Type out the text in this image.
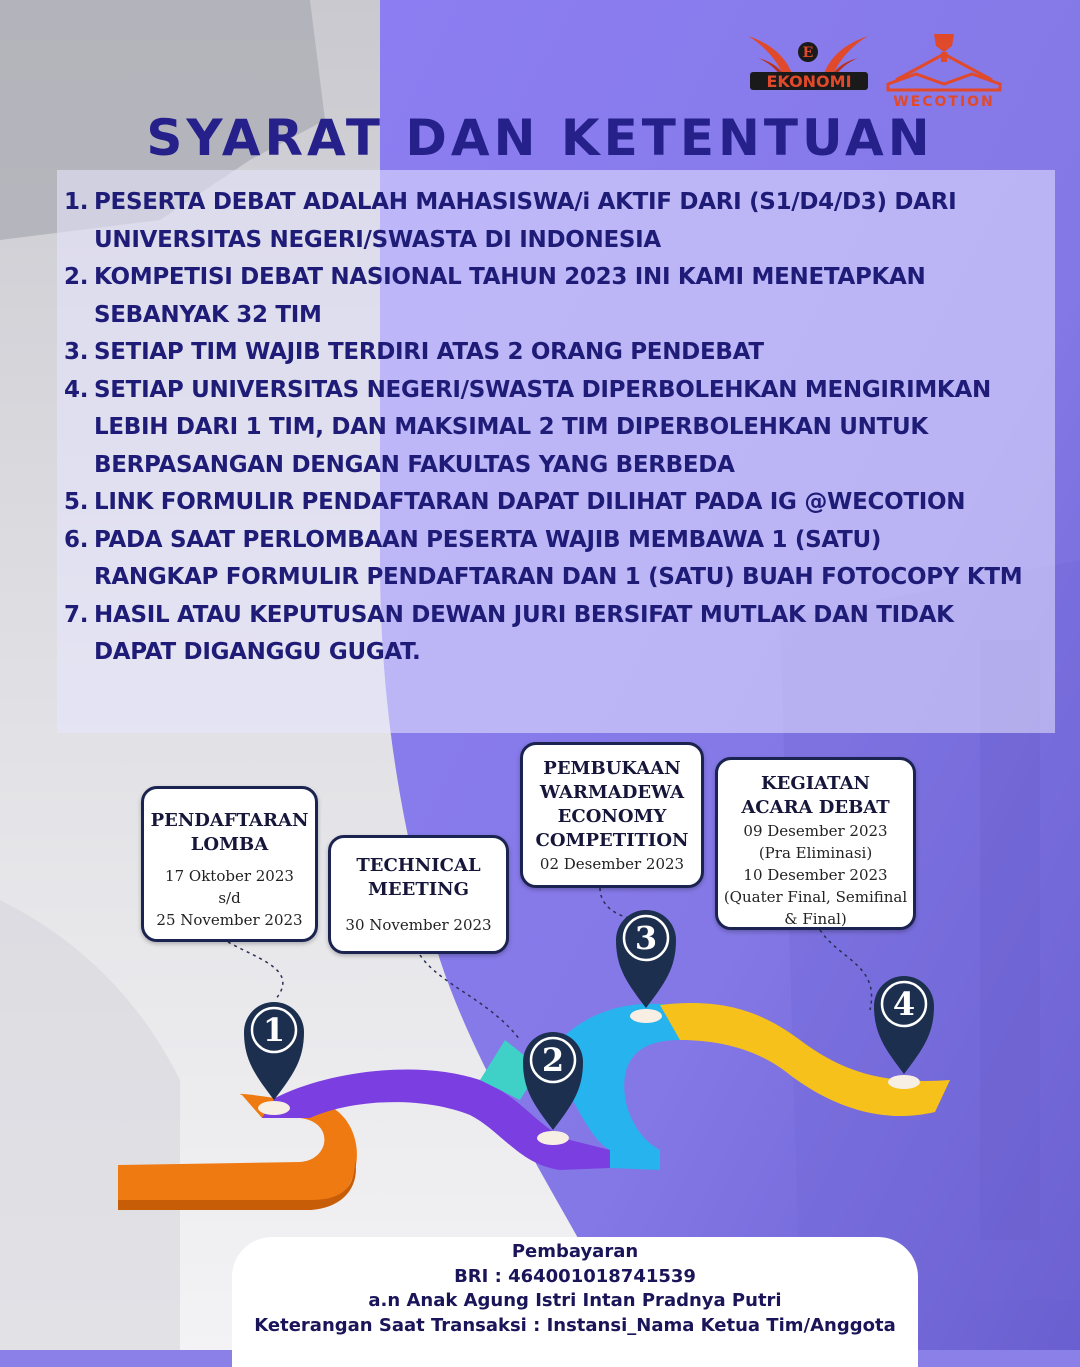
E
EKONOMI
WECOTION
SYARAT DAN KETENTUAN
1. PESERTA DEBAT ADALAH MAHASISWA/i AKTIF DARI (S1/D4/D3) DARI
UNIVERSITAS NEGERI/SWASTA DI INDONESIA
2. KOMPETISI DEBAT NASIONAL TAHUN 2023 INI KAMI MENETAPKAN
SEBANYAK 32 TIM
3. SETIAP TIM WAJIB TERDIRI ATAS 2 ORANG PENDEBAT
4. SETIAP UNIVERSITAS NEGERI/SWASTA DIPERBOLEHKAN MENGIRIMKAN
LEBIH DARI 1 TIM, DAN MAKSIMAL 2 TIM DIPERBOLEHKAN UNTUK
BERPASANGAN DENGAN FAKULTAS YANG BERBEDA
5. LINK FORMULIR PENDAFTARAN DAPAT DILIHAT PADA IG @WECOTION
6. PADA SAAT PERLOMBAAN PESERTA WAJIB MEMBAWA 1 (SATU)
RANGKAP FORMULIR PENDAFTARAN DAN 1 (SATU) BUAH FOTOCOPY KTM
7. HASIL ATAU KEPUTUSAN DEWAN JURI BERSIFAT MUTLAK DAN TIDAK
DAPAT DIGANGGU GUGAT.
1
2
3
4
PENDAFTARAN
LOMBA
17 Oktober 2023
s/d
25 November 2023
TECHNICAL
MEETING
30 November 2023
PEMBUKAAN
WARMADEWA
ECONOMY
COMPETITION
02 Desember 2023
KEGIATAN
ACARA DEBAT
09 Desember 2023
(Pra Eliminasi)
10 Desember 2023
(Quater Final, Semifinal
& Final)
Pembayaran
BRI : 464001018741539
a.n Anak Agung Istri Intan Pradnya Putri
Keterangan Saat Transaksi : Instansi_Nama Ketua Tim/Anggota
